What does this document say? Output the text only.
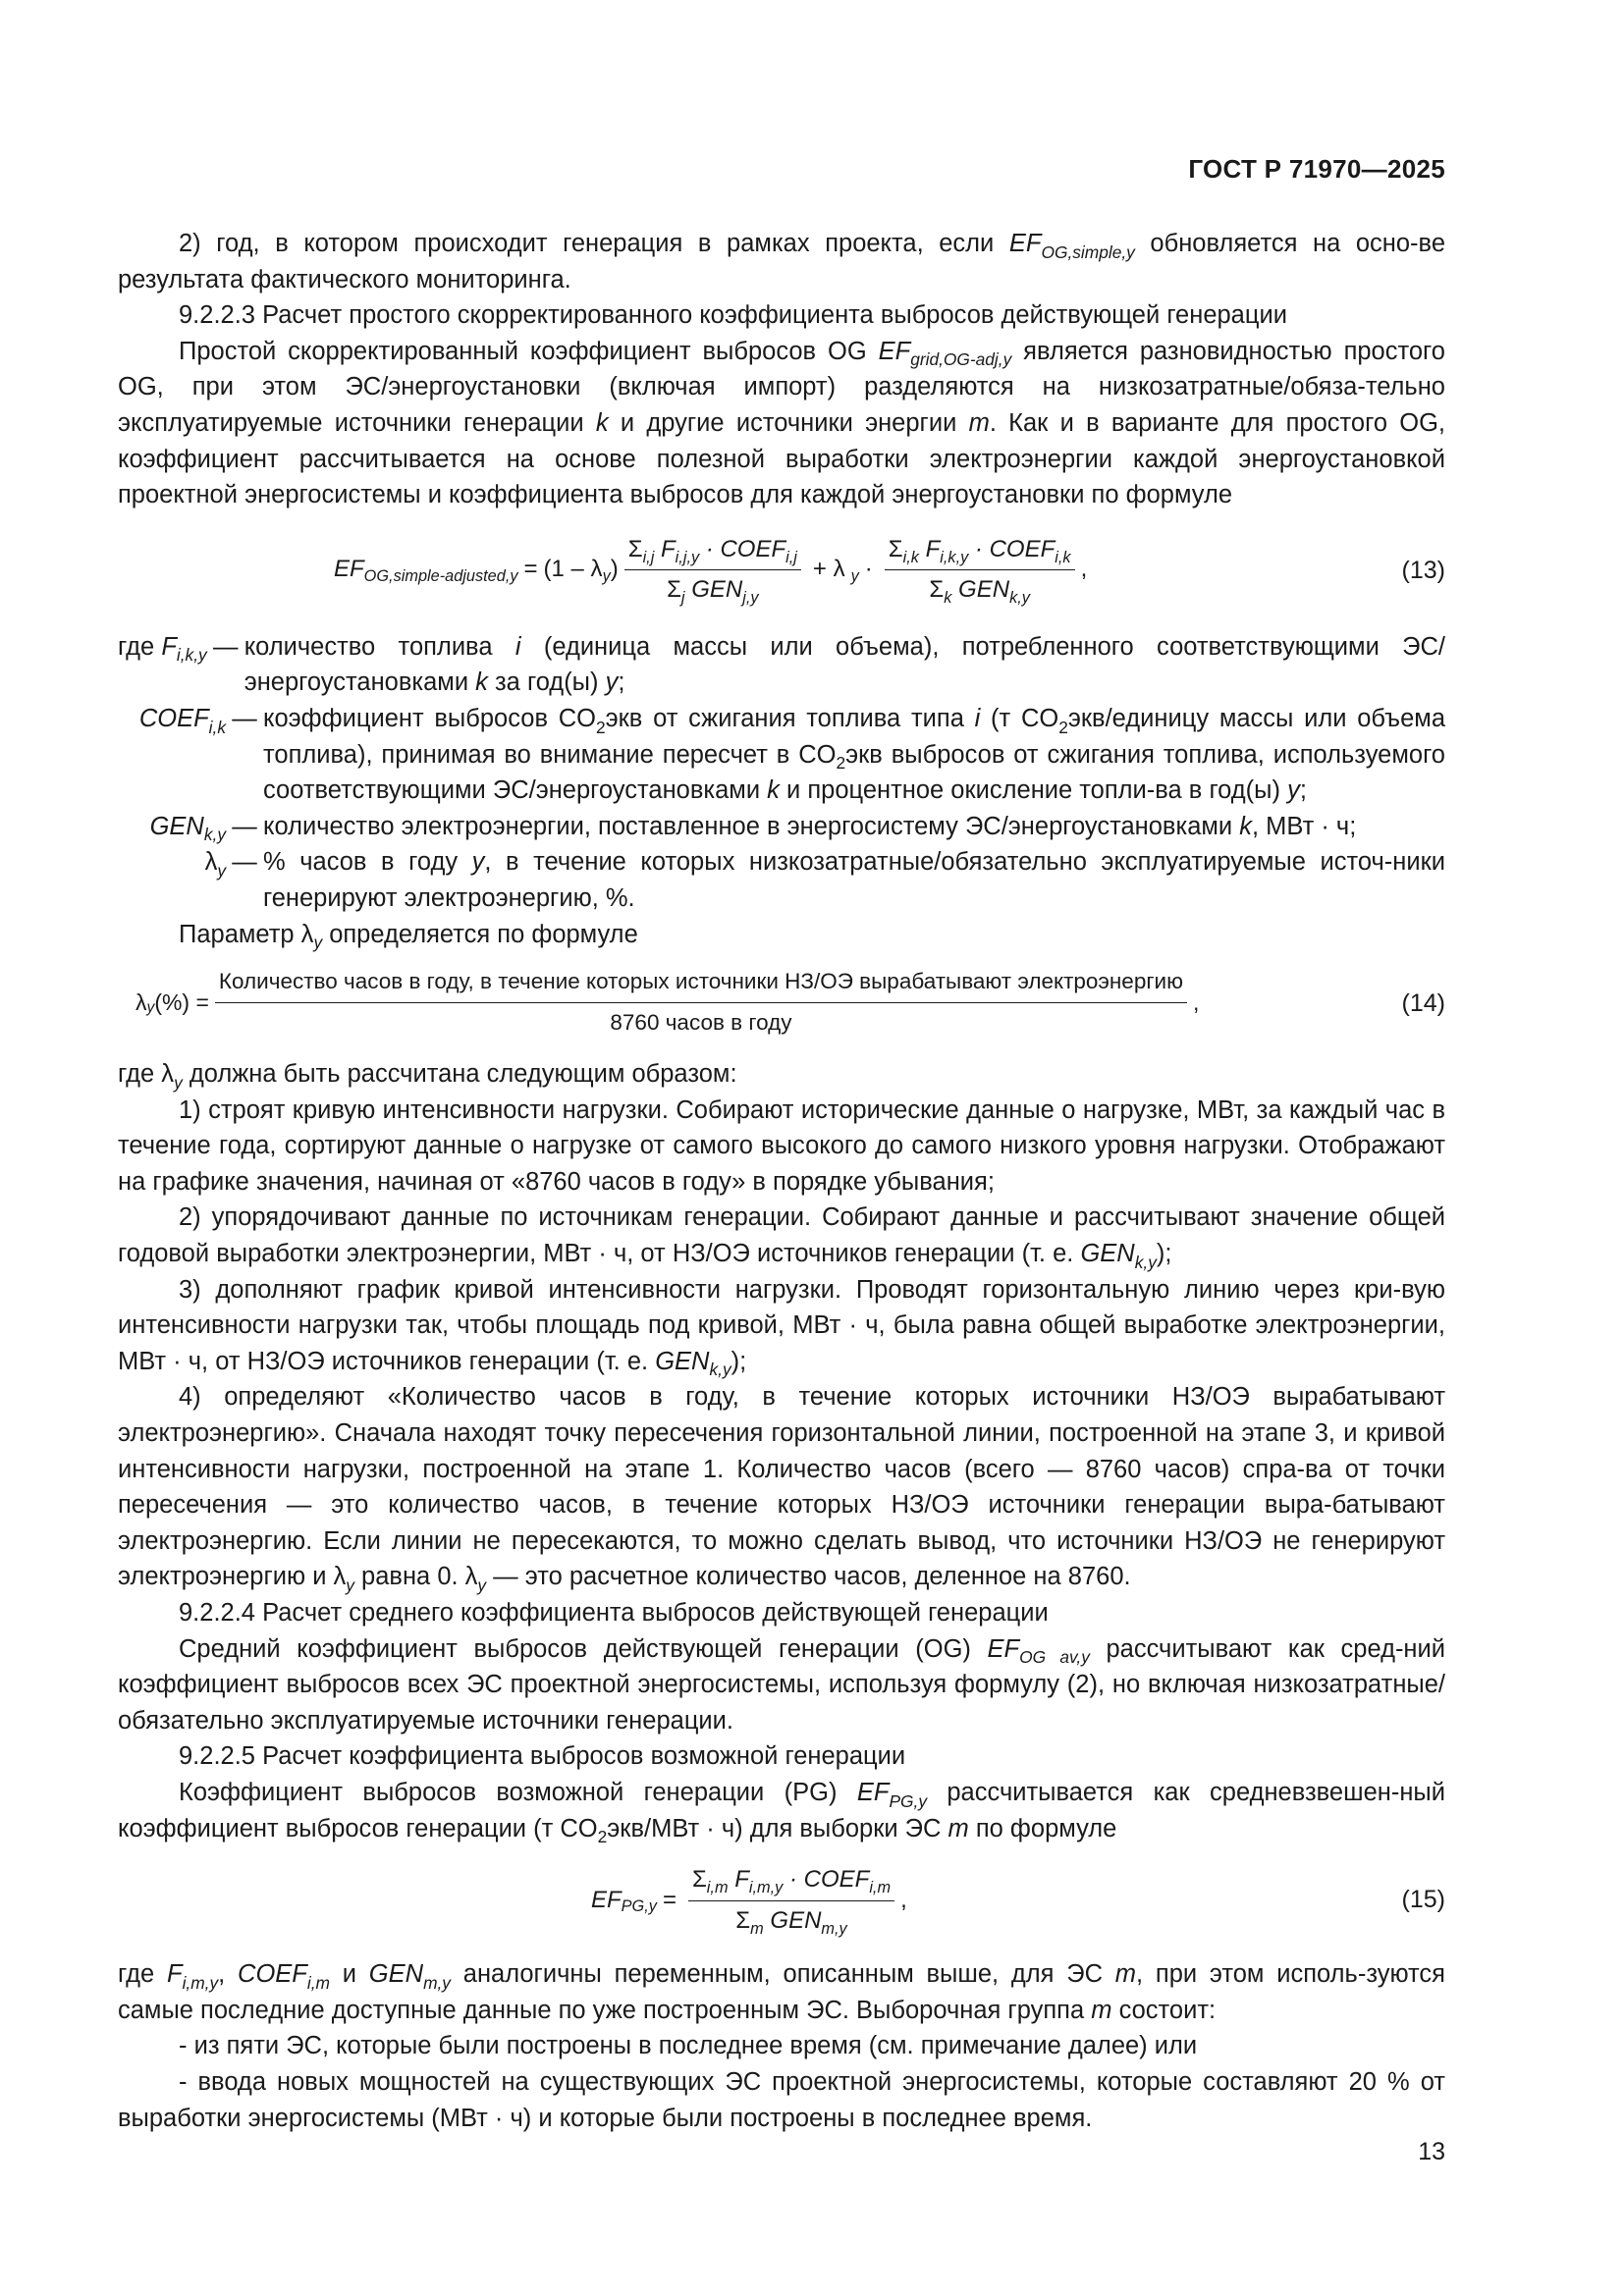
ГОСТ Р 71970—2025

2) год, в котором происходит генерация в рамках проекта, если $EF_{OG,simple,y}$ обновляется на осно-ве результата фактического мониторинга.

9.2.2.3 Расчет простого скорректированного коэффициента выбросов действующей генерации

Простой скорректированный коэффициент выбросов OG $EF_{grid,OG-adj,y}$ является разновидностью простого OG, при этом ЭС/энергоустановки (включая импорт) разделяются на низкозатратные/обяза-тельно эксплуатируемые источники генерации k и другие источники энергии m. Как и в варианте для простого OG, коэффициент рассчитывается на основе полезной выработки электроэнергии каждой энергоустановкой проектной энергосистемы и коэффициента выбросов для каждой энергоустановки по формуле

$EF_{OG,simple-adjusted,y} = (1 - \lambda_y$ ) $\frac{\Sigma_{i,j} F_{i,j,y} \cdot COEF_{i,j}}{\Sigma_j GEN_{j,y}} + \lambda$ $_y \cdot \frac{\Sigma_{i,k} F_{i,k,y} \cdot COEF_{i,k}}{\Sigma_k GEN_{k,y}}$ ,	(13)
где $F_{i,k,y}$ — количество топлива i (единица массы или объема), потребленного соответствующими ЭС/энергоустановками k за год(ы) y;
$COEF_{i,k}$ — коэффициент выбросов $CO_2экв$ от сжигания топлива типа i (т $CO_2экв$/единицу массы или объема топлива), принимая во внимание пересчет в $CO_2экв$ выбросов от сжигания топлива, используемого соответствующими ЭС/энергоустановками k и процентное окисление топли-ва в год(ы) y;
$GEN_{k,y}$ — количество электроэнергии, поставленное в энергосистему ЭС/энергоустановками k, МВт · ч;
$\lambda_y$ — % часов в году y, в течение которых низкозатратные/обязательно эксплуатируемые источ-ники генерируют электроэнергию, %.

Параметр $\lambda_y$ определяется по формуле

$\lambda_y$ (%) =
Количество часов в году, в течение которых источники НЗ/ОЭ вырабатывают электроэнергию
8760 часов в году
,	(14)

где $\lambda_y$ должна быть рассчитана следующим образом:

1) строят кривую интенсивности нагрузки. Собирают исторические данные о нагрузке, МВт, за каждый час в течение года, сортируют данные о нагрузке от самого высокого до самого низкого уровня нагрузки. Отображают на графике значения, начиная от «8760 часов в году» в порядке убывания;

2) упорядочивают данные по источникам генерации. Собирают данные и рассчитывают значение общей годовой выработки электроэнергии, МВт · ч, от НЗ/ОЭ источников генерации (т. е. $GEN_{k,y}$);

3) дополняют график кривой интенсивности нагрузки. Проводят горизонтальную линию через кри-вую интенсивности нагрузки так, чтобы площадь под кривой, МВт · ч, была равна общей выработке электроэнергии, МВт · ч, от НЗ/ОЭ источников генерации (т. е. $GEN_{k,y}$);

4) определяют «Количество часов в году, в течение которых источники НЗ/ОЭ вырабатывают электроэнергию». Сначала находят точку пересечения горизонтальной линии, построенной на этапе 3, и кривой интенсивности нагрузки, построенной на этапе 1. Количество часов (всего — 8760 часов) спра-ва от точки пересечения — это количество часов, в течение которых НЗ/ОЭ источники генерации выра-батывают электроэнергию. Если линии не пересекаются, то можно сделать вывод, что источники НЗ/ОЭ не генерируют электроэнергию и $\lambda_y$ равна 0. $\lambda_y$ — это расчетное количество часов, деленное на 8760.

9.2.2.4 Расчет среднего коэффициента выбросов действующей генерации

Средний коэффициент выбросов действующей генерации (OG) $EF_{OG av,y}$ рассчитывают как сред-ний коэффициент выбросов всех ЭС проектной энергосистемы, используя формулу (2), но включая низкозатратные/обязательно эксплуатируемые источники генерации.

9.2.2.5 Расчет коэффициента выбросов возможной генерации

Коэффициент выбросов возможной генерации (PG) $EF_{PG,y}$ рассчитывается как средневзвешен-ный коэффициент выбросов генерации (т $CO_2экв$/МВт · ч) для выборки ЭС m по формуле

$EF_{PG,y} = \frac{\Sigma_{i,m} F_{i,m,y} \cdot COEF_{i,m}}{\Sigma_m GEN_{m,y}}$ ,	(15)

где $F_{i,m,y}$, $COEF_{i,m}$ и $GEN_{m,y}$ аналогичны переменным, описанным выше, для ЭС m, при этом исполь-зуются самые последние доступные данные по уже построенным ЭС. Выборочная группа m состоит:

- из пяти ЭС, которые были построены в последнее время (см. примечание далее) или

- ввода новых мощностей на существующих ЭС проектной энергосистемы, которые составляют 20 % от выработки энергосистемы (МВт · ч) и которые были построены в последнее время.

13
